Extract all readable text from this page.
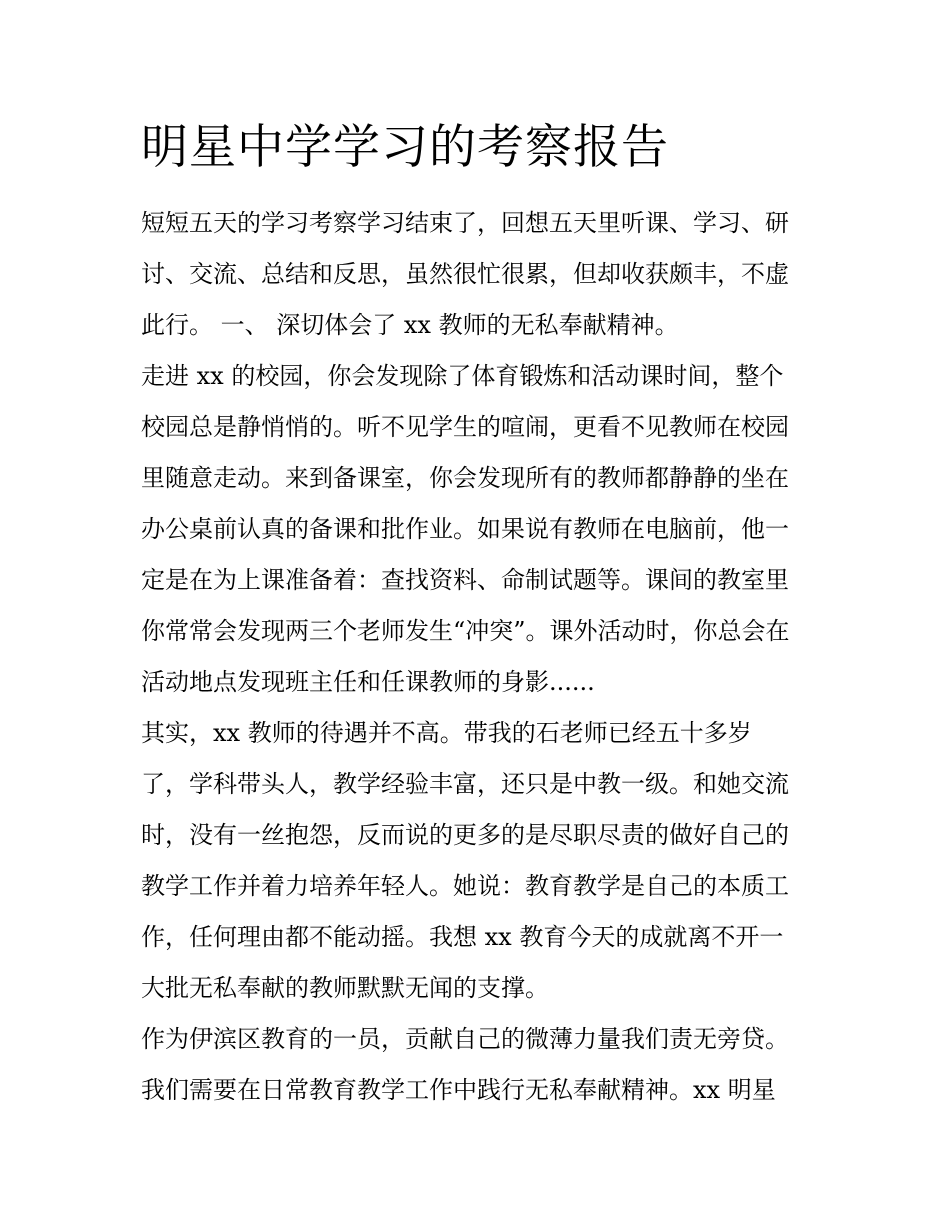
明星中学学习的考察报告
短短五天的学习考察学习结束了，回想五天里听课、学习、研
讨、交流、总结和反思，虽然很忙很累，但却收获颇丰，不虚
此行。 一、 深切体会了 xx 教师的无私奉献精神。
走进 xx 的校园，你会发现除了体育锻炼和活动课时间，整个
校园总是静悄悄的。听不见学生的喧闹，更看不见教师在校园
里随意走动。来到备课室，你会发现所有的教师都静静的坐在
办公桌前认真的备课和批作业。如果说有教师在电脑前，他一
定是在为上课准备着：查找资料、命制试题等。课间的教室里
你常常会发现两三个老师发生“冲突”。课外活动时，你总会在
活动地点发现班主任和任课教师的身影......
其实，xx 教师的待遇并不高。带我的石老师已经五十多岁
了，学科带头人，教学经验丰富，还只是中教一级。和她交流
时，没有一丝抱怨，反而说的更多的是尽职尽责的做好自己的
教学工作并着力培养年轻人。她说：教育教学是自己的本质工
作，任何理由都不能动摇。我想 xx 教育今天的成就离不开一
大批无私奉献的教师默默无闻的支撑。
作为伊滨区教育的一员，贡献自己的微薄力量我们责无旁贷。
我们需要在日常教育教学工作中践行无私奉献精神。xx 明星
